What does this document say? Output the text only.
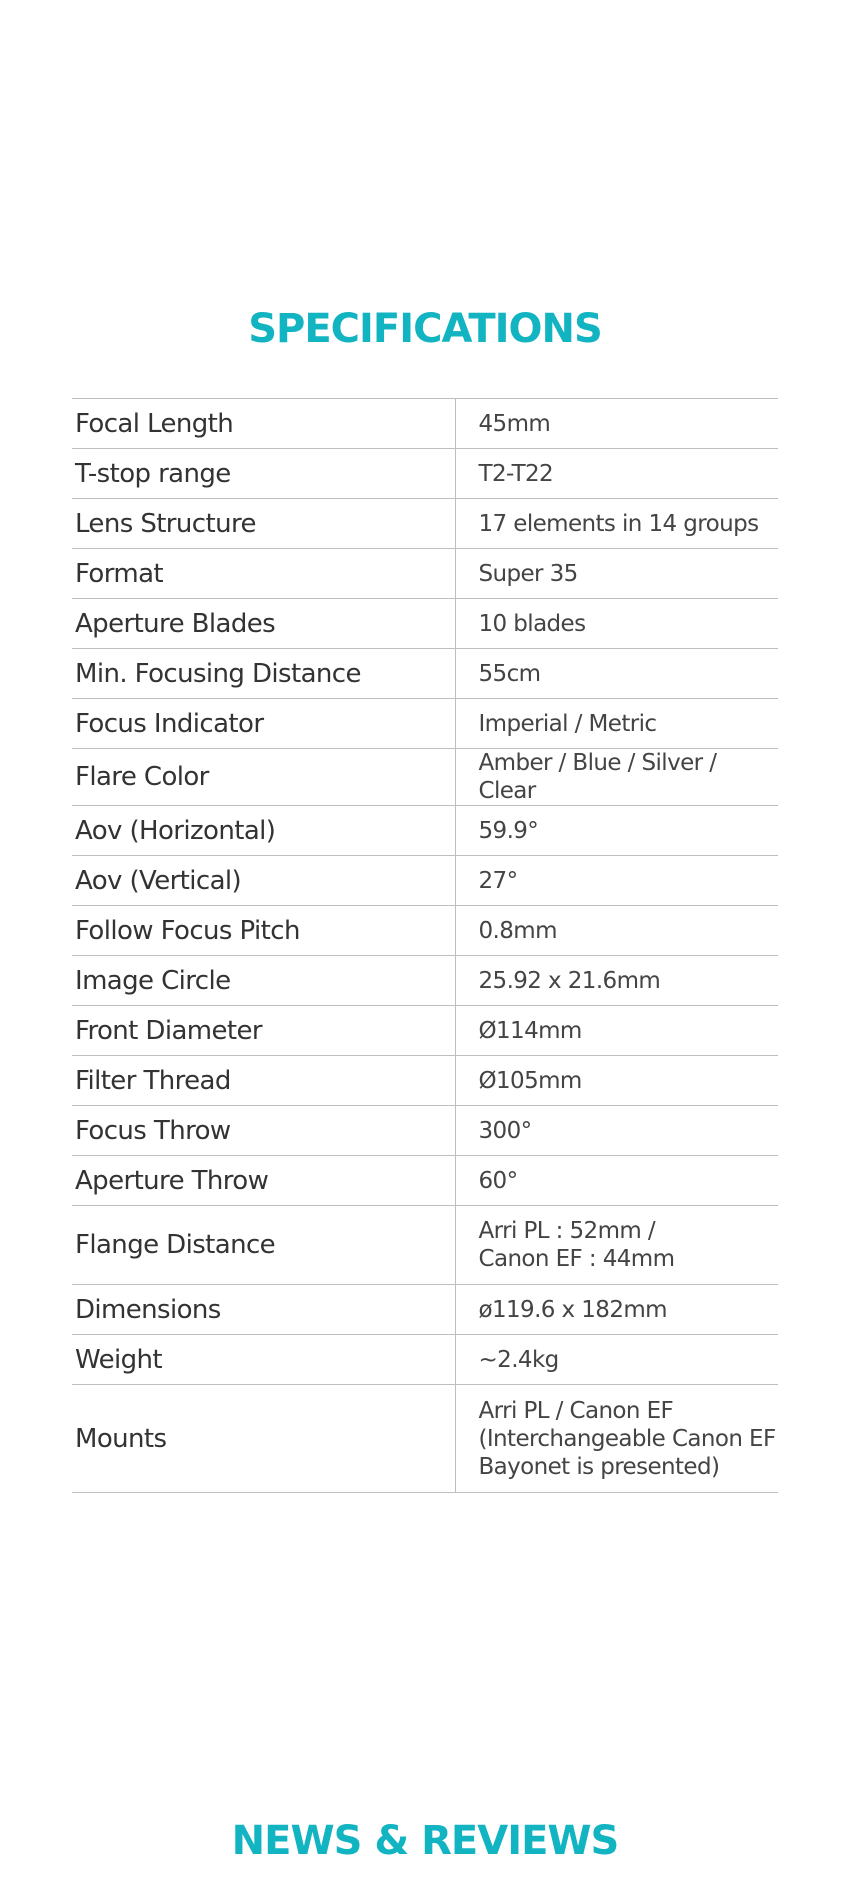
SPECIFICATIONS
Focal Length	45mm
T-stop range	T2-T22
Lens Structure	17 elements in 14 groups
Format	Super 35
Aperture Blades	10 blades
Min. Focusing Distance	55cm
Focus Indicator	Imperial / Metric
Flare Color	Amber / Blue / Silver / Clear
Aov (Horizontal)	59.9°
Aov (Vertical)	27°
Follow Focus Pitch	0.8mm
Image Circle	25.92 x 21.6mm
Front Diameter	Ø114mm
Filter Thread	Ø105mm
Focus Throw	300°
Aperture Throw	60°
Flange Distance	Arri PL : 52mm /
Canon EF : 44mm
Dimensions	ø119.6 x 182mm
Weight	~2.4kg
Mounts	Arri PL / Canon EF
(Interchangeable Canon EF
Bayonet is presented)
NEWS & REVIEWS
